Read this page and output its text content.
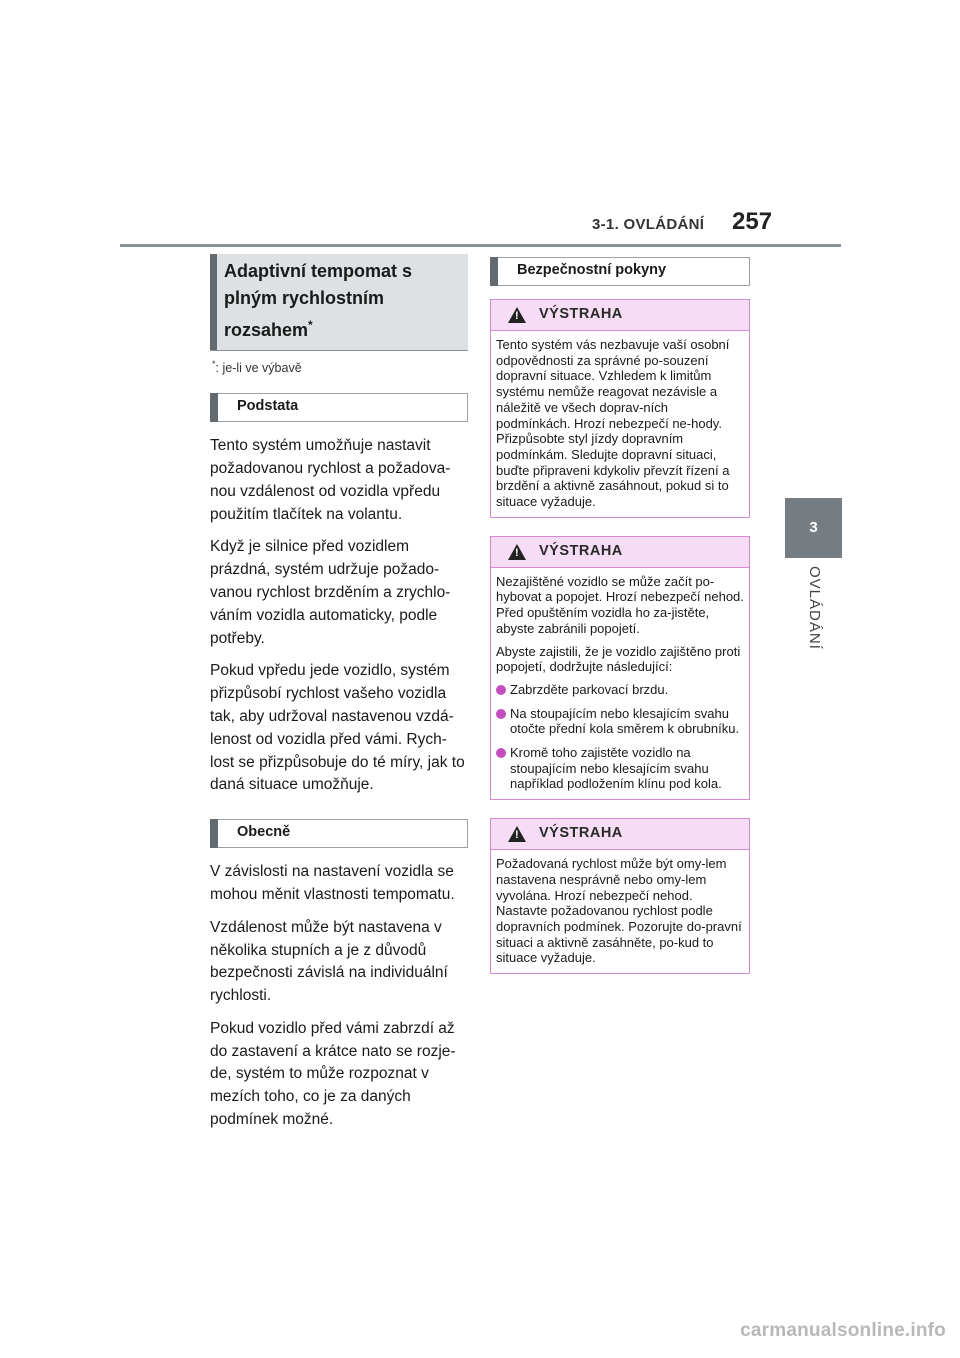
3-1. OVLÁDÁNÍ 257
3
OVLÁDÁNÍ
Adaptivní tempomat s plným rychlostním rozsahem*
*: je-li ve výbavě
Podstata

Tento systém umožňuje nastavit požadovanou rychlost a požadova-nou vzdálenost od vozidla vpředu použitím tlačítek na volantu.

Když je silnice před vozidlem prázdná, systém udržuje požado-vanou rychlost brzděním a zrychlo-váním vozidla automaticky, podle potřeby.

Pokud vpředu jede vozidlo, systém přizpůsobí rychlost vašeho vozidla tak, aby udržoval nastavenou vzdá-lenost od vozidla před vámi. Rych-lost se přizpůsobuje do té míry, jak to daná situace umožňuje.

Obecně

V závislosti na nastavení vozidla se mohou měnit vlastnosti tempomatu.

Vzdálenost může být nastavena v několika stupních a je z důvodů bezpečnosti závislá na individuální rychlosti.

Pokud vozidlo před vámi zabrzdí až do zastavení a krátce nato se rozje-de, systém to může rozpoznat v mezích toho, co je za daných podmínek možné.

Bezpečnostní pokyny
!
VÝSTRAHA

Tento systém vás nezbavuje vaší osobní odpovědnosti za správné po-souzení dopravní situace. Vzhledem k limitům systému nemůže reagovat nezávisle a náležitě ve všech doprav-ních podmínkách. Hrozí nebezpečí ne-hody. Přizpůsobte styl jízdy dopravním podmínkám. Sledujte dopravní situaci, buďte připraveni kdykoliv převzít řízení a brzdění a aktivně zasáhnout, pokud si to situace vyžaduje.

!
VÝSTRAHA

Nezajištěné vozidlo se může začít po-hybovat a popojet. Hrozí nebezpečí nehod. Před opuštěním vozidla ho za-jistěte, abyste zabránili popojetí.

Abyste zajistili, že je vozidlo zajištěno proti popojetí, dodržujte následující:

Zabrzděte parkovací brzdu.
Na stoupajícím nebo klesajícím svahu otočte přední kola směrem k obrubníku.
Kromě toho zajistěte vozidlo na stoupajícím nebo klesajícím svahu například podložením klínu pod kola.
!
VÝSTRAHA

Požadovaná rychlost může být omy-lem nastavena nesprávně nebo omy-lem vyvolána. Hrozí nebezpečí nehod. Nastavte požadovanou rychlost podle dopravních podmínek. Pozorujte do-pravní situaci a aktivně zasáhněte, po-kud to situace vyžaduje.

carmanualsonline.info
